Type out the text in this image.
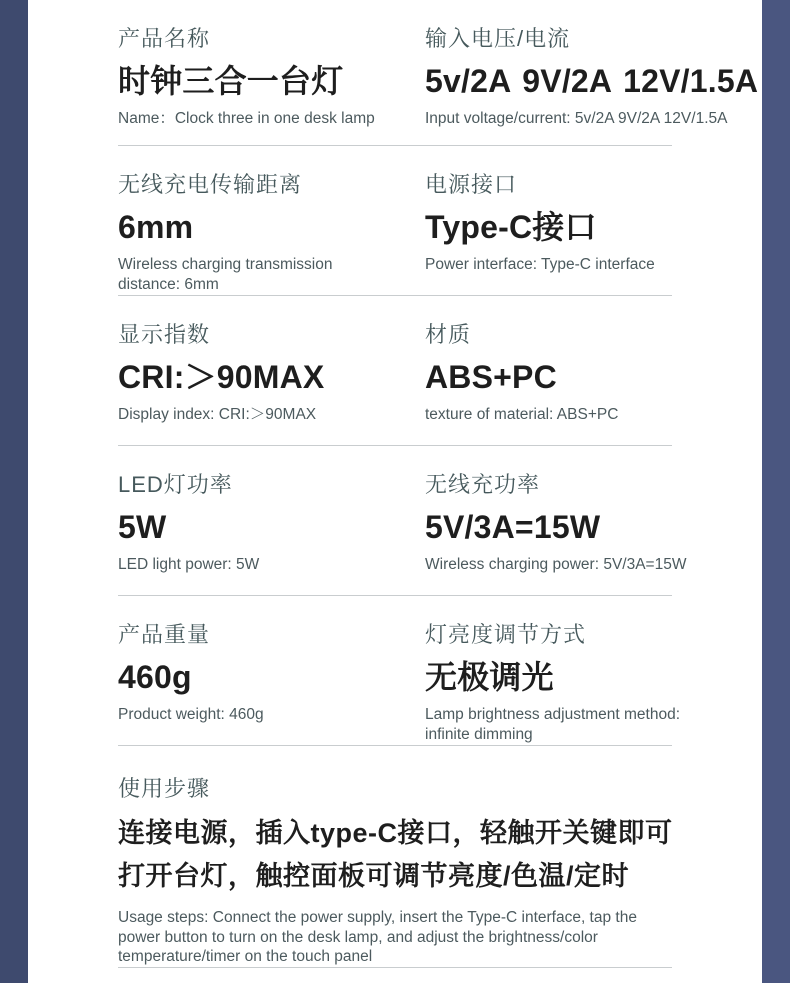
产品名称

时钟三合一台灯

Name：Clock three in one desk lamp

输入电压/电流

5v/2A 9V/2A 12V/1.5A

Input voltage/current: 5v/2A 9V/2A 12V/1.5A

无线充电传输距离

6mm

Wireless charging transmission distance: 6mm

电源接口

Type-C接口

Power interface: Type-C interface

显示指数

CRI:＞90MAX

Display index: CRI:＞90MAX

材质

ABS+PC

texture of material: ABS+PC

LED灯功率

5W

LED light power: 5W

无线充功率

5V/3A=15W

Wireless charging power: 5V/3A=15W

产品重量

460g

Product weight: 460g

灯亮度调节方式

无极调光

Lamp brightness adjustment method: infinite dimming

使用步骤

连接电源，插入type-C接口，轻触开关键即可打开台灯，触控面板可调节亮度/色温/定时

Usage steps: Connect the power supply, insert the Type-C interface, tap the power button to turn on the desk lamp, and adjust the brightness/color temperature/timer on the touch panel
